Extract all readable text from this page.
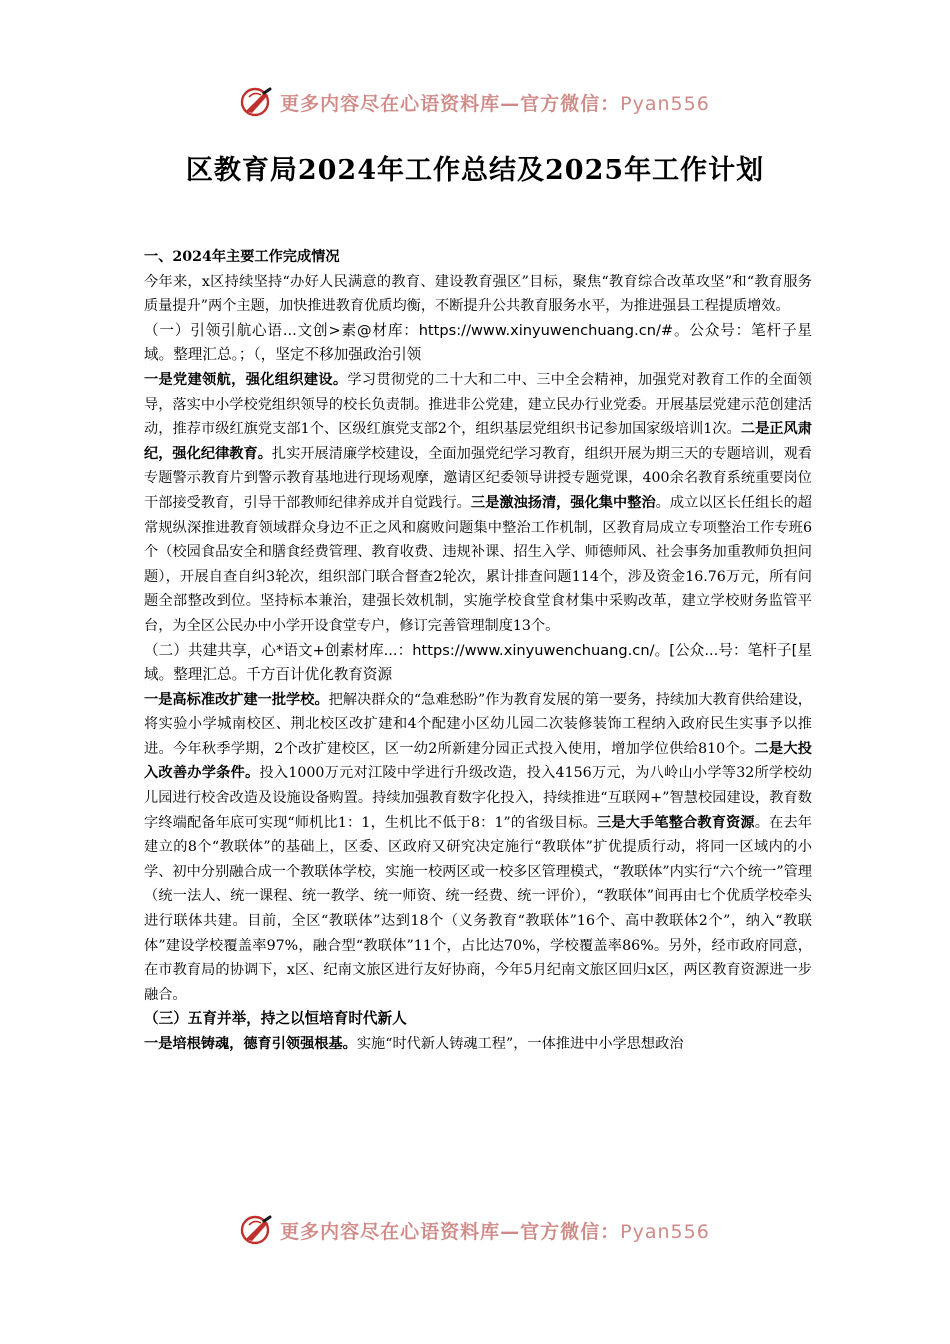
更多内容尽在心语资料库—官方微信：Pyan556
区教育局2024年工作总结及2025年工作计划

一、2024年主要工作完成情况

今年来，x区持续坚持“办好人民满意的教育、建设教育强区”目标，聚焦“教育综合改革攻坚”和“教育服务质量提升”两个主题，加快推进教育优质均衡，不断提升公共教育服务水平，为推进强县工程提质增效。

（一）引领引航心语...文创>素@材库：https://www.xinyuwenchuang.cn/#。公众号：笔杆子星域。整理汇总。；（，坚定不移加强政治引领

一是党建领航，强化组织建设。学习贯彻党的二十大和二中、三中全会精神，加强党对教育工作的全面领导，落实中小学校党组织领导的校长负责制。推进非公党建，建立民办行业党委。开展基层党建示范创建活动，推荐市级红旗党支部1个、区级红旗党支部2个，组织基层党组织书记参加国家级培训1次。二是正风肃纪，强化纪律教育。扎实开展清廉学校建设，全面加强党纪学习教育，组织开展为期三天的专题培训，观看专题警示教育片到警示教育基地进行现场观摩，邀请区纪委领导讲授专题党课，400余名教育系统重要岗位干部接受教育，引导干部教师纪律养成并自觉践行。三是激浊扬清，强化集中整治。成立以区长任组长的超常规纵深推进教育领域群众身边不正之风和腐败问题集中整治工作机制，区教育局成立专项整治工作专班6个（校园食品安全和膳食经费管理、教育收费、违规补课、招生入学、师德师风、社会事务加重教师负担问题），开展自查自纠3轮次，组织部门联合督查2轮次，累计排查问题114个，涉及资金16.76万元，所有问题全部整改到位。坚持标本兼治，建强长效机制，实施学校食堂食材集中采购改革，建立学校财务监管平台，为全区公民办中小学开设食堂专户，修订完善管理制度13个。

（二）共建共享，心*语文+创素材库...：https://www.xinyuwenchuang.cn/。[公众...号：笔杆子[星域。整理汇总。千方百计优化教育资源

一是高标准改扩建一批学校。把解决群众的“急难愁盼”作为教育发展的第一要务，持续加大教育供给建设，将实验小学城南校区、荆北校区改扩建和4个配建小区幼儿园二次装修装饰工程纳入政府民生实事予以推进。今年秋季学期，2个改扩建校区，区一幼2所新建分园正式投入使用，增加学位供给810个。二是大投入改善办学条件。投入1000万元对江陵中学进行升级改造，投入4156万元，为八岭山小学等32所学校幼儿园进行校舍改造及设施设备购置。持续加强教育数字化投入，持续推进“互联网+”智慧校园建设，教育数字终端配备年底可实现“师机比1：1，生机比不低于8：1”的省级目标。三是大手笔整合教育资源。在去年建立的8个“教联体”的基础上，区委、区政府又研究决定施行“教联体”扩优提质行动，将同一区域内的小学、初中分别融合成一个教联体学校，实施一校两区或一校多区管理模式，“教联体”内实行“六个统一”管理（统一法人、统一课程、统一教学、统一师资、统一经费、统一评价），“教联体”间再由七个优质学校牵头进行联体共建。目前，全区“教联体”达到18个（义务教育“教联体”16个、高中教联体2个”，纳入“教联体”建设学校覆盖率97%，融合型“教联体”11个，占比达70%，学校覆盖率86%。另外，经市政府同意，在市教育局的协调下，x区、纪南文旅区进行友好协商，今年5月纪南文旅区回归x区，两区教育资源进一步融合。

（三）五育并举，持之以恒培育时代新人

一是培根铸魂，德育引领强根基。实施“时代新人铸魂工程”，一体推进中小学思想政治

更多内容尽在心语资料库—官方微信：Pyan556
